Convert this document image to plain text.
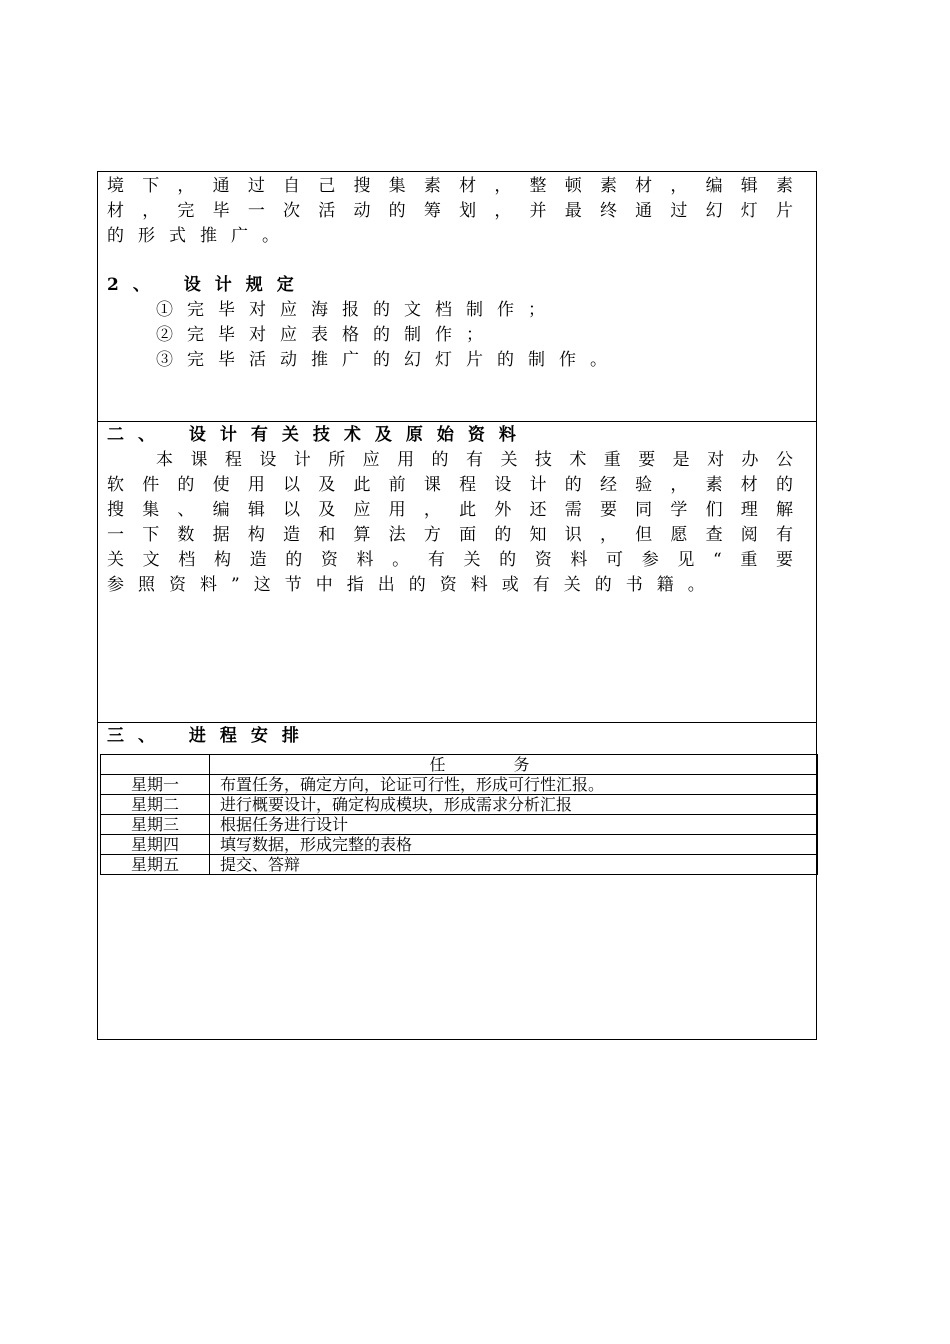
境下，通过自己搜集素材，整顿素材，编辑素
材，完毕一次活动的筹划，并最终通过幻灯片
的形式推广。
2、 设计规定
①完毕对应海报的文档制作；
②完毕对应表格的制作；
③完毕活动推广的幻灯片的制作。
二、 设计有关技术及原始资料
本课程设计所应用的有关技术重要是对办公
软件的使用以及此前课程设计的经验，素材的
搜集、编辑以及应用，此外还需要同学们理解
一下数据构造和算法方面的知识，但愿查阅有
关文档构造的资料。有关的资料可参见“重要
参照资料”这节中指出的资料或有关的书籍。
三、 进程安排
	任务
星期一	布置任务，确定方向，论证可行性，形成可行性汇报。
星期二	进行概要设计，确定构成模块，形成需求分析汇报
星期三	根据任务进行设计
星期四	填写数据，形成完整的表格
星期五	提交、答辩
